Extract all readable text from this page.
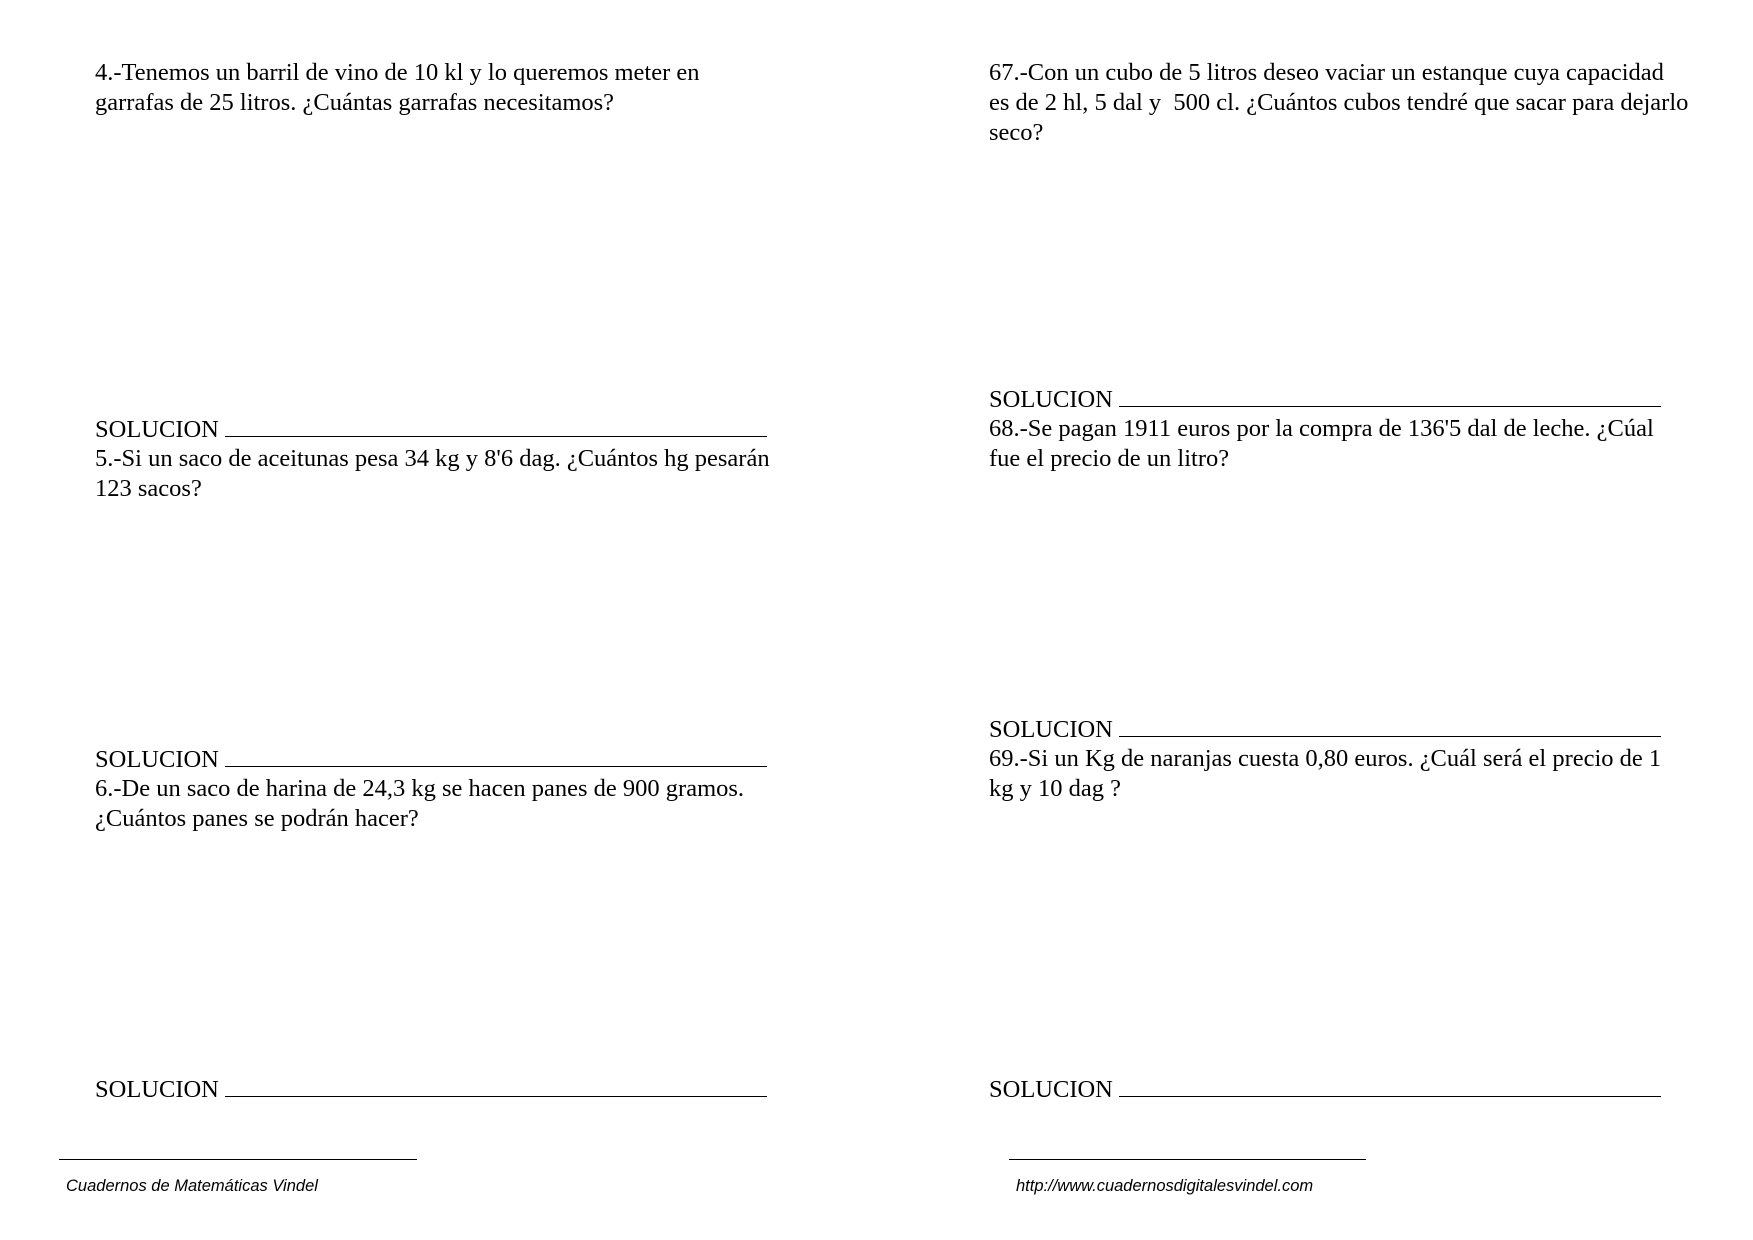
4.-Tenemos un barril de vino de 10 kl y lo queremos meter en garrafas de 25 litros. ¿Cuántas garrafas necesitamos?

SOLUCION

5.-Si un saco de aceitunas pesa 34 kg y 8'6 dag. ¿Cuántos hg pesarán 123 sacos?

SOLUCION

6.-De un saco de harina de 24,3 kg se hacen panes de 900 gramos. ¿Cuántos panes se podrán hacer?

SOLUCION

67.-Con un cubo de 5 litros deseo vaciar un estanque cuya capacidad es de 2 hl, 5 dal y  500 cl. ¿Cuántos cubos tendré que sacar para dejarlo seco?

SOLUCION

68.-Se pagan 1911 euros por la compra de 136'5 dal de leche. ¿Cúal fue el precio de un litro?

SOLUCION

69.-Si un Kg de naranjas cuesta 0,80 euros. ¿Cuál será el precio de 1 kg y 10 dag ?

SOLUCION
Cuadernos de Matemáticas Vindel	http://www.cuadernosdigitalesvindel.com
